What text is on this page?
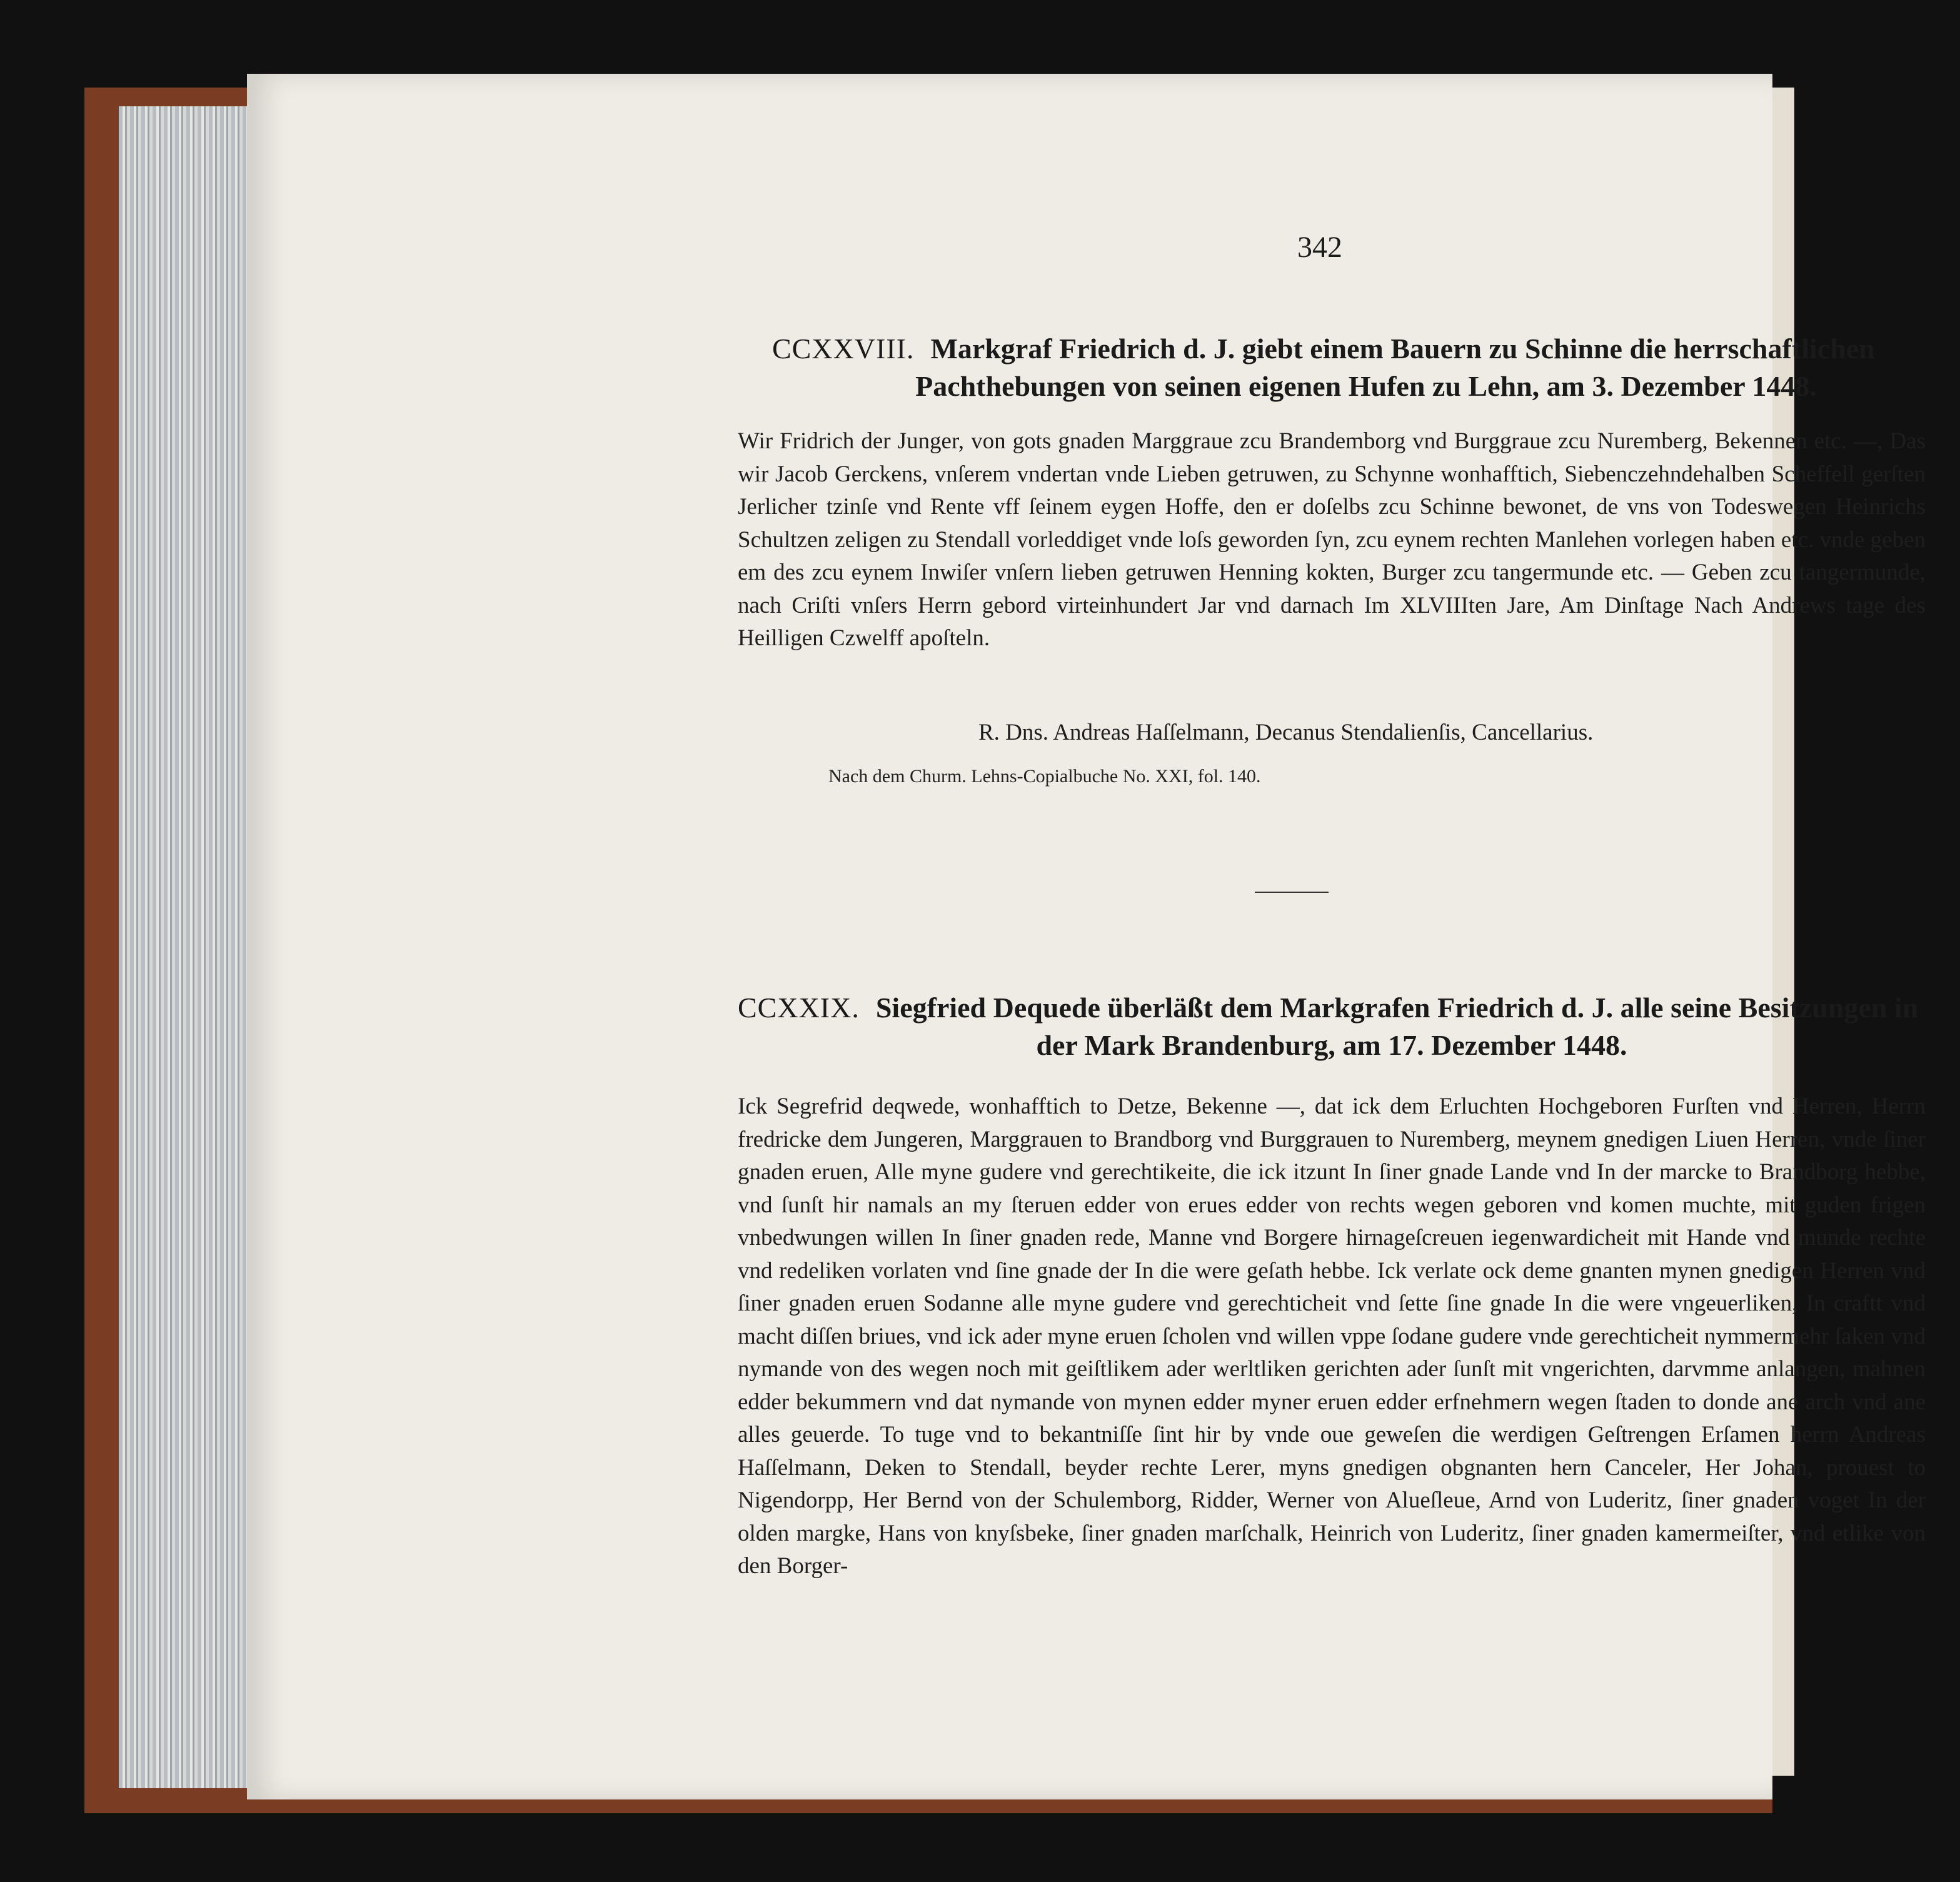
342
CCXXVIII. Markgraf Friedrich d. J. giebt einem Bauern zu Schinne die herrschaftlichen
Pachthebungen von seinen eigenen Hufen zu Lehn, am 3. Dezember 1448.
Wir Fridrich der Junger, von gots gnaden Marggraue zcu Brandemborg vnd Burggraue zcu Nuremberg, Bekennen etc. —, Das wir Jacob Gerckens, vnſerem vndertan vnde Lieben getruwen, zu Schynne wonhafftich, Siebenczehndehalben Scheffell gerſten Jerlicher tzinſe vnd Rente vff ſeinem eygen Hoffe, den er doſelbs zcu Schinne bewonet, de vns von Todeswegen Heinrichs Schultzen zeligen zu Stendall vorleddiget vnde loſs geworden ſyn, zcu eynem rechten Manlehen vorlegen haben etc. vnde geben em des zcu eynem Inwiſer vnſern lieben getruwen Henning kokten, Burger zcu tangermunde etc. — Geben zcu tangermunde, nach Criſti vnſers Herrn gebord virteinhundert Jar vnd darnach Im XLVIIIten Jare, Am Dinſtage Nach Andrews tage des Heilligen Czwelff apoſteln.
R. Dns. Andreas Haſſelmann, Decanus Stendalienſis, Cancellarius.
Nach dem Churm. Lehns-Copialbuche No. XXI, fol. 140.
CCXXIX. Siegfried Dequede überläßt dem Markgrafen Friedrich d. J. alle seine Besitzungen in
der Mark Brandenburg, am 17. Dezember 1448.
Ick Segrefrid deqwede, wonhafftich to Detze, Bekenne —, dat ick dem Erluchten Hochgeboren Furſten vnd Herren, Herrn fredricke dem Jungeren, Marggrauen to Brandborg vnd Burggrauen to Nuremberg, meynem gnedigen Liuen Herren, vnde ſiner gnaden eruen, Alle myne gudere vnd gerechtikeite, die ick itzunt In ſiner gnade Lande vnd In der marcke to Brandborg hebbe, vnd ſunſt hir namals an my ſteruen edder von erues edder von rechts wegen geboren vnd komen muchte, mit guden frigen vnbedwungen willen In ſiner gnaden rede, Manne vnd Borgere hirnageſcreuen iegenwardicheit mit Hande vnd munde rechte vnd redeliken vorlaten vnd ſine gnade der In die were geſath hebbe. Ick verlate ock deme gnanten mynen gnedigen Herren vnd ſiner gnaden eruen Sodanne alle myne gudere vnd gerechticheit vnd ſette ſine gnade In die were vngeuerliken, In craftt vnd macht diſſen briues, vnd ick ader myne eruen ſcholen vnd willen vppe ſodane gudere vnde gerechticheit nymmermehr ſaken vnd nymande von des wegen noch mit geiſtlikem ader werltliken gerichten ader ſunſt mit vngerichten, darvmme anlangen, mahnen edder bekummern vnd dat nymande von mynen edder myner eruen edder erfnehmern wegen ſtaden to donde ane arch vnd ane alles geuerde. To tuge vnd to bekantniſſe ſint hir by vnde oue geweſen die werdigen Geſtrengen Erſamen herrn Andreas Haſſelmann, Deken to Stendall, beyder rechte Lerer, myns gnedigen obgnanten hern Canceler, Her Johan, prouest to Nigendorpp, Her Bernd von der Schulemborg, Ridder, Werner von Alueſleue, Arnd von Luderitz, ſiner gnaden voget In der olden margke, Hans von knyſsbeke, ſiner gnaden marſchalk, Heinrich von Luderitz, ſiner gnaden kamermeiſter, vnd etlike von den Borger-
